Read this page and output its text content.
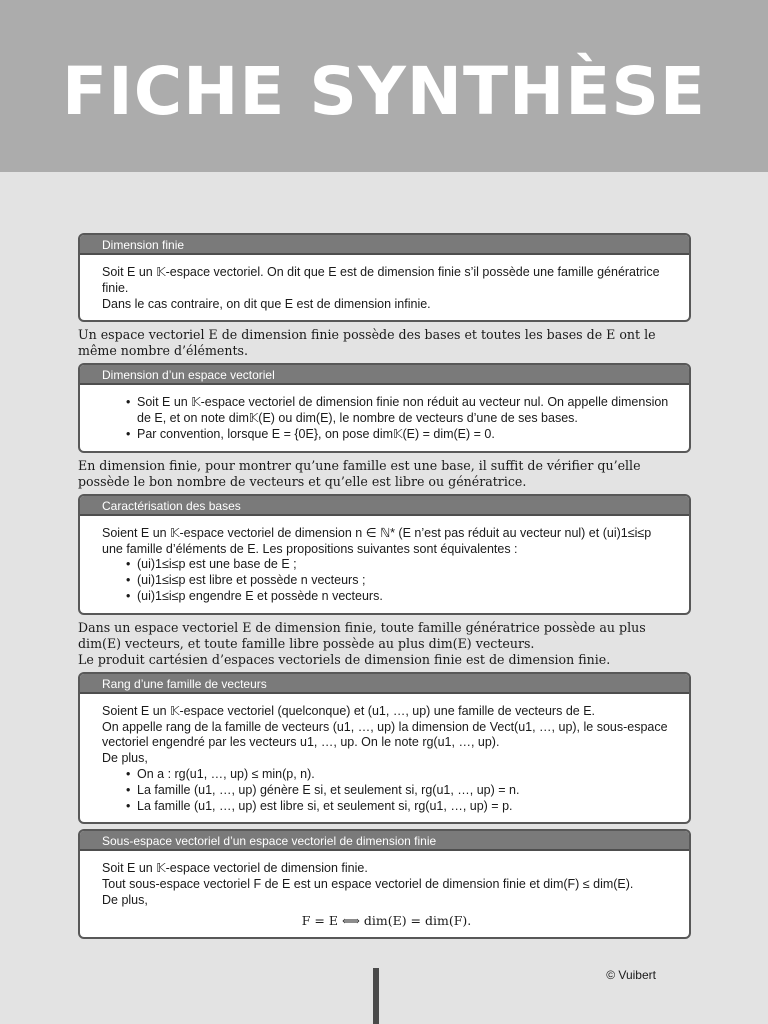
FICHE SYNTHÈSE
Dimension finie

Soit E un 𝕂-espace vectoriel. On dit que E est de dimension finie s’il possède une famille génératrice finie.

Dans le cas contraire, on dit que E est de dimension infinie.

Un espace vectoriel E de dimension finie possède des bases et toutes les bases de E ont le même nombre d’éléments.

Dimension d’un espace vectoriel
• Soit E un 𝕂-espace vectoriel de dimension finie non réduit au vecteur nul. On appelle dimension de E, et on note dim𝕂(E) ou dim(E), le nombre de vecteurs d’une de ses bases.
• Par convention, lorsque E = {0E}, on pose dim𝕂(E) = dim(E) = 0.

En dimension finie, pour montrer qu’une famille est une base, il suffit de vérifier qu’elle possède le bon nombre de vecteurs et qu’elle est libre ou génératrice.

Caractérisation des bases

Soient E un 𝕂-espace vectoriel de dimension n ∈ ℕ* (E n’est pas réduit au vecteur nul) et (ui)1≤i≤p une famille d’éléments de E. Les propositions suivantes sont équivalentes :

• (ui)1≤i≤p est une base de E ;
• (ui)1≤i≤p est libre et possède n vecteurs ;
• (ui)1≤i≤p engendre E et possède n vecteurs.

Dans un espace vectoriel E de dimension finie, toute famille génératrice possède au plus dim(E) vecteurs, et toute famille libre possède au plus dim(E) vecteurs.

Le produit cartésien d’espaces vectoriels de dimension finie est de dimension finie.

Rang d’une famille de vecteurs

Soient E un 𝕂-espace vectoriel (quelconque) et (u1, …, up) une famille de vecteurs de E.

On appelle rang de la famille de vecteurs (u1, …, up) la dimension de Vect(u1, …, up), le sous-espace vectoriel engendré par les vecteurs u1, …, up. On le note rg(u1, …, up).

De plus,

• On a : rg(u1, …, up) ≤ min(p, n).
• La famille (u1, …, up) génère E si, et seulement si, rg(u1, …, up) = n.
• La famille (u1, …, up) est libre si, et seulement si, rg(u1, …, up) = p.
Sous-espace vectoriel d’un espace vectoriel de dimension finie

Soit E un 𝕂-espace vectoriel de dimension finie.

Tout sous-espace vectoriel F de E est un espace vectoriel de dimension finie et dim(F) ≤ dim(E).

De plus,

F = E ⟺ dim(E) = dim(F).

© Vuibert
